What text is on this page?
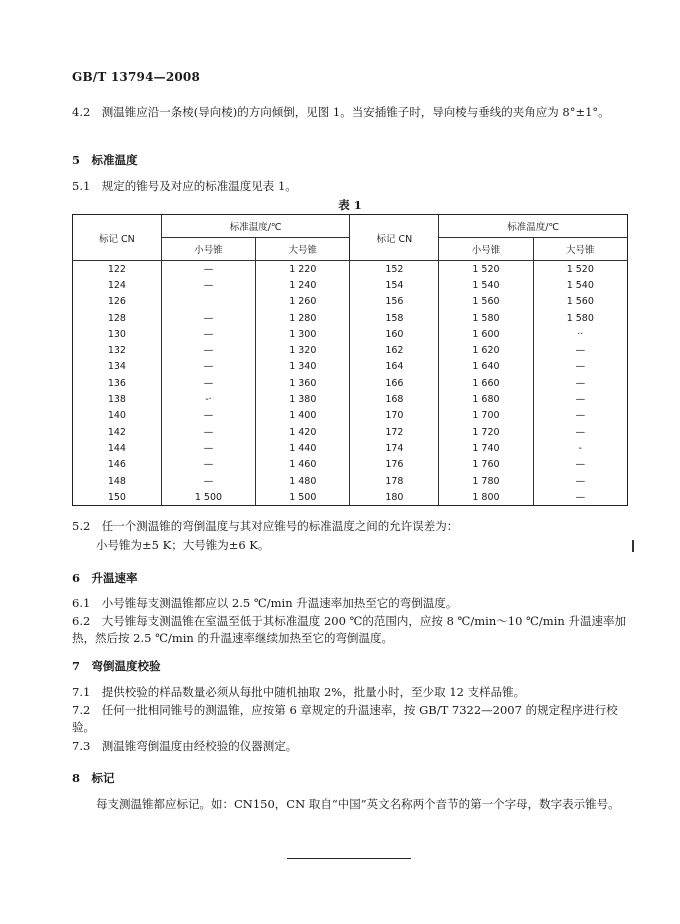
GB/T 13794—2008
4.2　测温锥应沿一条棱(导向棱)的方向倾倒，见图 1。当安插锥子时，导向棱与垂线的夹角应为 8°±1°。
5　标准温度
5.1　规定的锥号及对应的标准温度见表 1。
表 1
标记 CN	标准温度/℃		标记 CN	标准温度/℃	
	小号锥	大号锥		小号锥	大号锥
122	—	1 220	152	1 520	1 520
124	—	1 240	154	1 540	1 540
126		1 260	156	1 560	1 560
128	—	1 280	158	1 580	1 580
130	—	1 300	160	1 600	··
132	—	1 320	162	1 620	—
134	—	1 340	164	1 640	—
136	—	1 360	166	1 660	—
138	-·	1 380	168	1 680	—
140	—	1 400	170	1 700	—
142	—	1 420	172	1 720	—
144	—	1 440	174	1 740	-
146	—	1 460	176	1 760	—
148	—	1 480	178	1 780	—
150	1 500	1 500	180	1 800	—
5.2　任一个测温锥的弯倒温度与其对应锥号的标准温度之间的允许误差为：
小号锥为±5 K；大号锥为±6 K。
6　升温速率
6.1　小号锥每支测温锥都应以 2.5 ℃/min 升温速率加热至它的弯倒温度。
6.2　大号锥每支测温锥在室温至低于其标准温度 200 ℃的范围内，应按 8 ℃/min～10 ℃/min 升温速率加热，然后按 2.5 ℃/min 的升温速率继续加热至它的弯倒温度。
7　弯倒温度校验
7.1　提供校验的样品数量必须从每批中随机抽取 2%，批量小时，至少取 12 支样品锥。
7.2　任何一批相同锥号的测温锥，应按第 6 章规定的升温速率，按 GB/T 7322—2007 的规定程序进行校验。
7.3　测温锥弯倒温度由经校验的仪器测定。
8　标记
每支测温锥都应标记。如：CN150，CN 取自“中国”英文名称两个音节的第一个字母，数字表示锥号。
